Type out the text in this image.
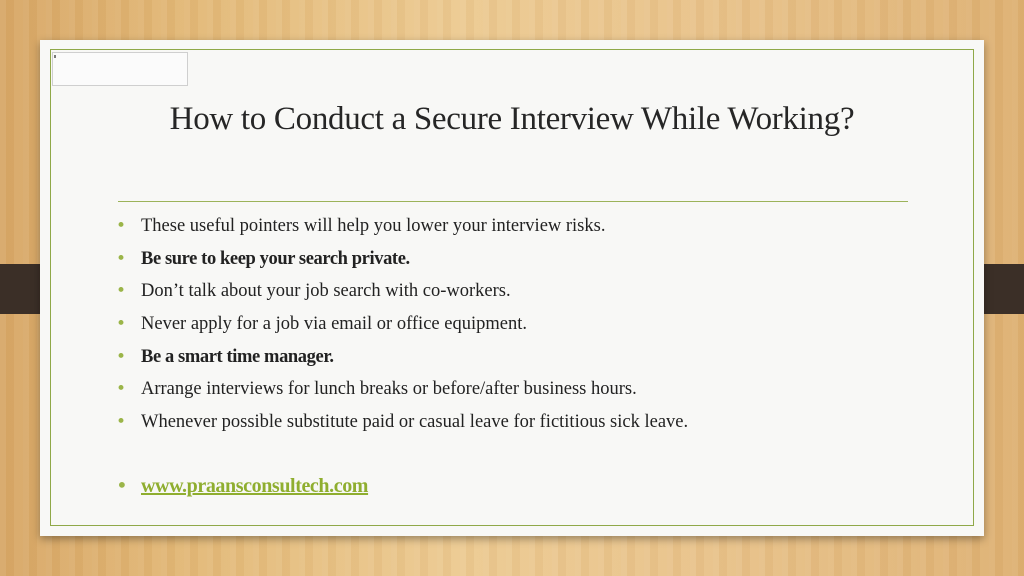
How to Conduct a Secure Interview While Working?
• These useful pointers will help you lower your interview risks.
• Be sure to keep your search private.
• Don’t talk about your job search with co-workers.
• Never apply for a job via email or office equipment.
• Be a smart time manager.
• Arrange interviews for lunch breaks or before/after business hours.
• Whenever possible substitute paid or casual leave for fictitious sick leave.
• www.praansconsultech.com
